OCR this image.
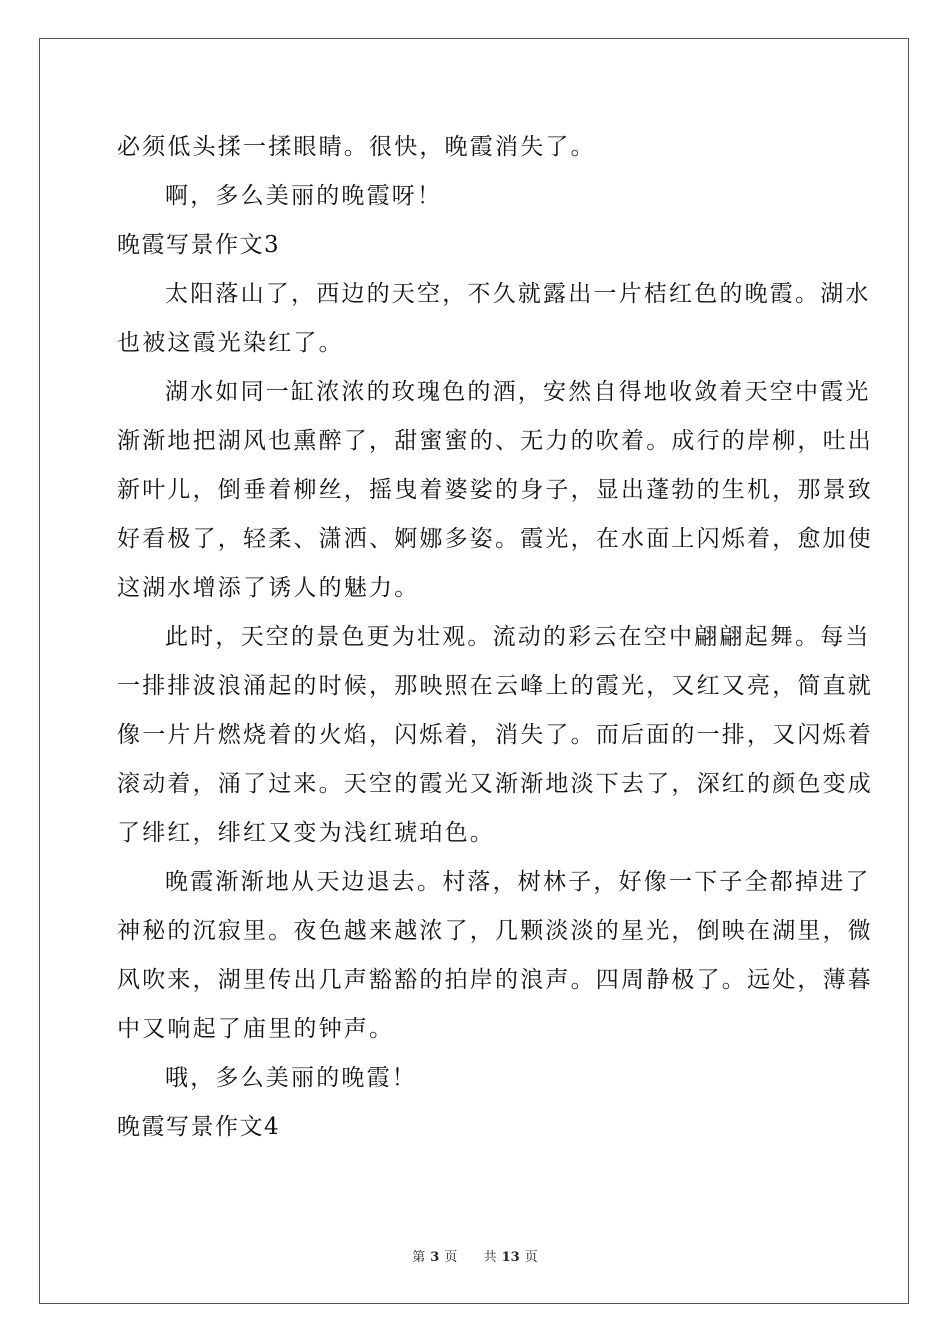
必须低头揉一揉眼睛。很快，晚霞消失了。
啊，多么美丽的晚霞呀！
晚霞写景作文3
太阳落山了，西边的天空，不久就露出一片桔红色的晚霞。湖水
也被这霞光染红了。
湖水如同一缸浓浓的玫瑰色的酒，安然自得地收敛着天空中霞光
渐渐地把湖风也熏醉了，甜蜜蜜的、无力的吹着。成行的岸柳，吐出
新叶儿，倒垂着柳丝，摇曳着婆娑的身子，显出蓬勃的生机，那景致
好看极了，轻柔、潇洒、婀娜多姿。霞光，在水面上闪烁着，愈加使
这湖水增添了诱人的魅力。
此时，天空的景色更为壮观。流动的彩云在空中翩翩起舞。每当
一排排波浪涌起的时候，那映照在云峰上的霞光，又红又亮，简直就
像一片片燃烧着的火焰，闪烁着，消失了。而后面的一排，又闪烁着
滚动着，涌了过来。天空的霞光又渐渐地淡下去了，深红的颜色变成
了绯红，绯红又变为浅红琥珀色。
晚霞渐渐地从天边退去。村落，树林子，好像一下子全都掉进了
神秘的沉寂里。夜色越来越浓了，几颗淡淡的星光，倒映在湖里，微
风吹来，湖里传出几声豁豁的拍岸的浪声。四周静极了。远处，薄暮
中又响起了庙里的钟声。
哦，多么美丽的晚霞！
晚霞写景作文4
第 3 页 共 13 页
